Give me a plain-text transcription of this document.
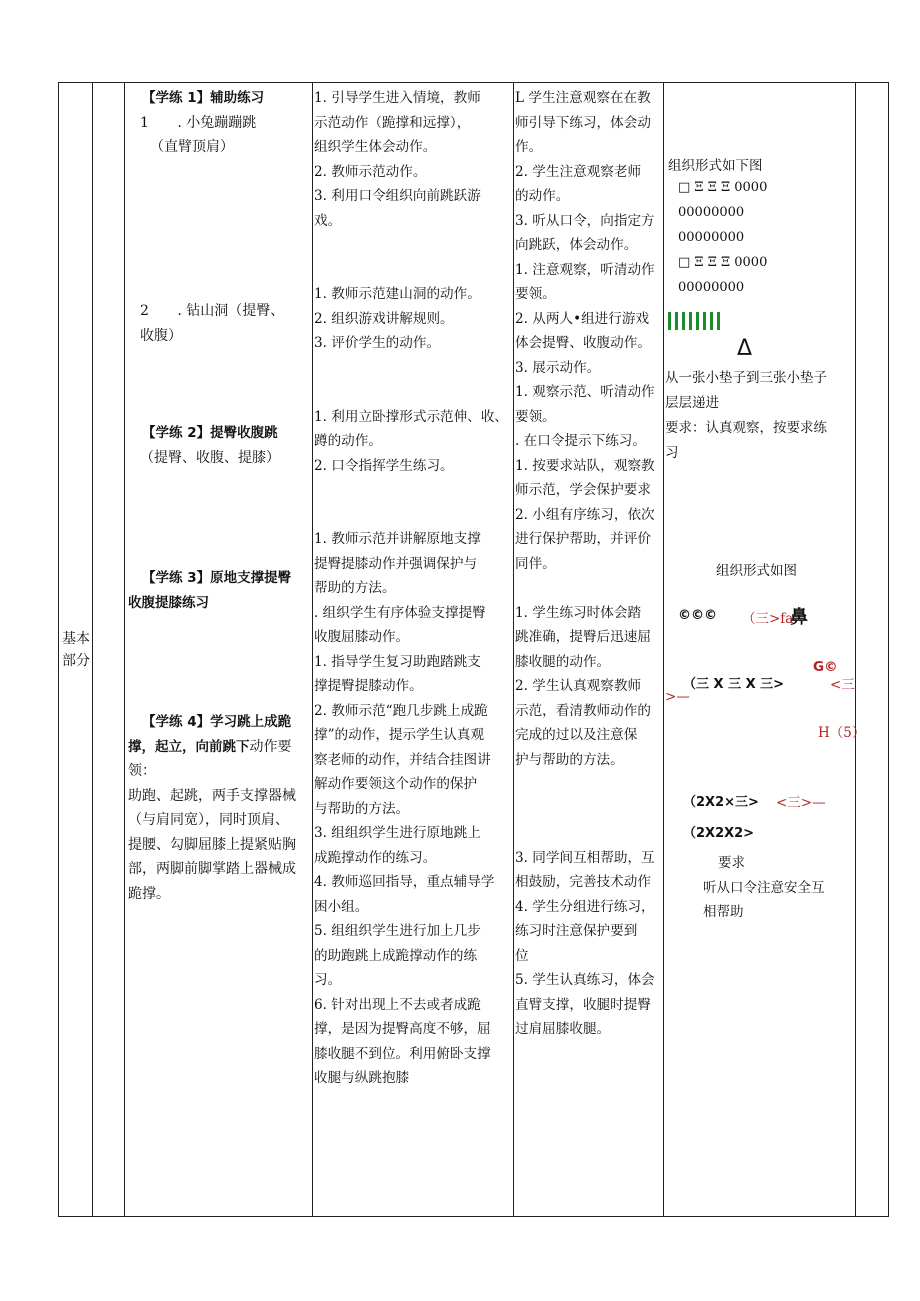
基本
部分
【学练 1】辅助练习
1 . 小兔蹦蹦跳
（直臂顶肩）
2 . 钻山洞（提臀、
收腹）
【学练 2】提臀收腹跳
（提臀、收腹、提膝）
【学练 3】原地支撑提臀
收腹提膝练习
【学练 4】学习跳上成跪
撑，起立，向前跳下动作要
领：
助跑、起跳，两手支撑器械
（与肩同宽），同时顶肩、
提腰、勾脚屈膝上提紧贴胸
部，两脚前脚掌踏上器械成
跪撑。
1. 引导学生进入情境，教师
示范动作（跪撑和远撑），
组织学生体会动作。
2. 教师示范动作。
3. 利用口令组织向前跳跃游
戏。
1. 教师示范建山洞的动作。
2. 组织游戏讲解规则。
3. 评价学生的动作。
1. 利用立卧撑形式示范伸、收、
蹲的动作。
2. 口令指挥学生练习。
1. 教师示范并讲解原地支撑
提臀提膝动作并强调保护与
帮助的方法。
. 组织学生有序体验支撑提臀
收腹屈膝动作。
1. 指导学生复习助跑踏跳支
撑提臀提膝动作。
2. 教师示范“跑几步跳上成跪
撑”的动作，提示学生认真观
察老师的动作，并结合挂图讲
解动作要领这个动作的保护
与帮助的方法。
3. 组组织学生进行原地跳上
成跪撑动作的练习。
4. 教师巡回指导，重点辅导学
困小组。
5. 组组织学生进行加上几步
的助跑跳上成跪撑动作的练
习。
6. 针对出现上不去或者成跪
撑，是因为提臀高度不够，屈
膝收腿不到位。利用俯卧支撑
收腿与纵跳抱膝
L 学生注意观察在在教
师引导下练习，体会动
作。
2. 学生注意观察老师
的动作。
3. 听从口令，向指定方
向跳跃，体会动作。
1. 注意观察，听清动作
要领。
2. 从两人•组进行游戏
体会提臀、收腹动作。
3. 展示动作。
1. 观察示范、听清动作
要领。
. 在口令提示下练习。
1. 按要求站队，观察教
师示范，学会保护要求
2. 小组有序练习，依次
进行保护帮助，并评价
同伴。
1. 学生练习时体会踏
跳准确，提臀后迅速屈
膝收腿的动作。
2. 学生认真观察教师
示范，看清教师动作的
完成的过以及注意保
护与帮助的方法。
3. 同学间互相帮助，互
相鼓励，完善技术动作
4. 学生分组进行练习，
练习时注意保护要到
位
5. 学生认真练习，体会
直臂支撑，收腿时提臀
过肩屈膝收腿。
组织形式如下图
□ Ξ Ξ Ξ 0000
00000000
00000000
□ Ξ Ξ Ξ 0000
00000000
Δ
从一张小垫子到三张小垫子
层层递进
要求：认真观察，按要求练
习
组织形式如图
©©© （三>fa
鼻
G©
（三 X 三 X 三>	<三
>—
H（5）
（2X2×三> <三>—
（2X2X2>
要求
听从口令注意安全互
相帮助
